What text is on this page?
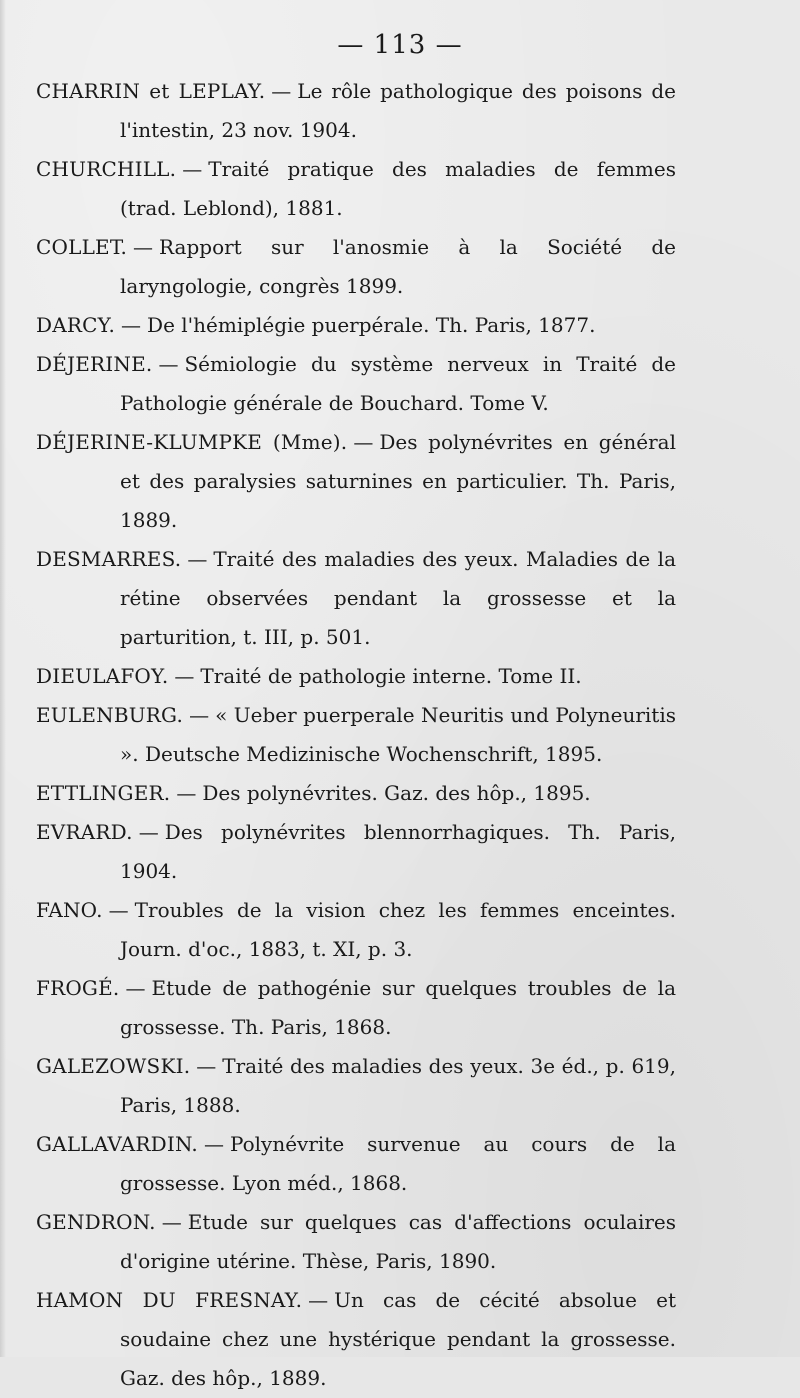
— 113 —
CHARRIN et LEPLAY. — Le rôle pathologique des poisons de l'intestin, 23 nov. 1904.
CHURCHILL. — Traité pratique des maladies de femmes (trad. Leblond), 1881.
COLLET. — Rapport sur l'anosmie à la Société de laryngologie, congrès 1899.
DARCY. — De l'hémiplégie puerpérale. Th. Paris, 1877.
DÉJERINE. — Sémiologie du système nerveux in Traité de Pathologie générale de Bouchard. Tome V.
DÉJERINE-KLUMPKE (Mme). — Des polynévrites en général et des paralysies saturnines en particulier. Th. Paris, 1889.
DESMARRES. — Traité des maladies des yeux. Maladies de la rétine observées pendant la grossesse et la parturition, t. III, p. 501.
DIEULAFOY. — Traité de pathologie interne. Tome II.
EULENBURG. — « Ueber puerperale Neuritis und Polyneuritis ». Deutsche Medizinische Wochenschrift, 1895.
ETTLINGER. — Des polynévrites. Gaz. des hôp., 1895.
EVRARD. — Des polynévrites blennorrhagiques. Th. Paris, 1904.
FANO. — Troubles de la vision chez les femmes enceintes. Journ. d'oc., 1883, t. XI, p. 3.
FROGÉ. — Etude de pathogénie sur quelques troubles de la grossesse. Th. Paris, 1868.
GALEZOWSKI. — Traité des maladies des yeux. 3e éd., p. 619, Paris, 1888.
GALLAVARDIN. — Polynévrite survenue au cours de la grossesse. Lyon méd., 1868.
GENDRON. — Etude sur quelques cas d'affections oculaires d'origine utérine. Thèse, Paris, 1890.
HAMON DU FRESNAY. — Un cas de cécité absolue et soudaine chez une hystérique pendant la grossesse. Gaz. des hôp., 1889.
